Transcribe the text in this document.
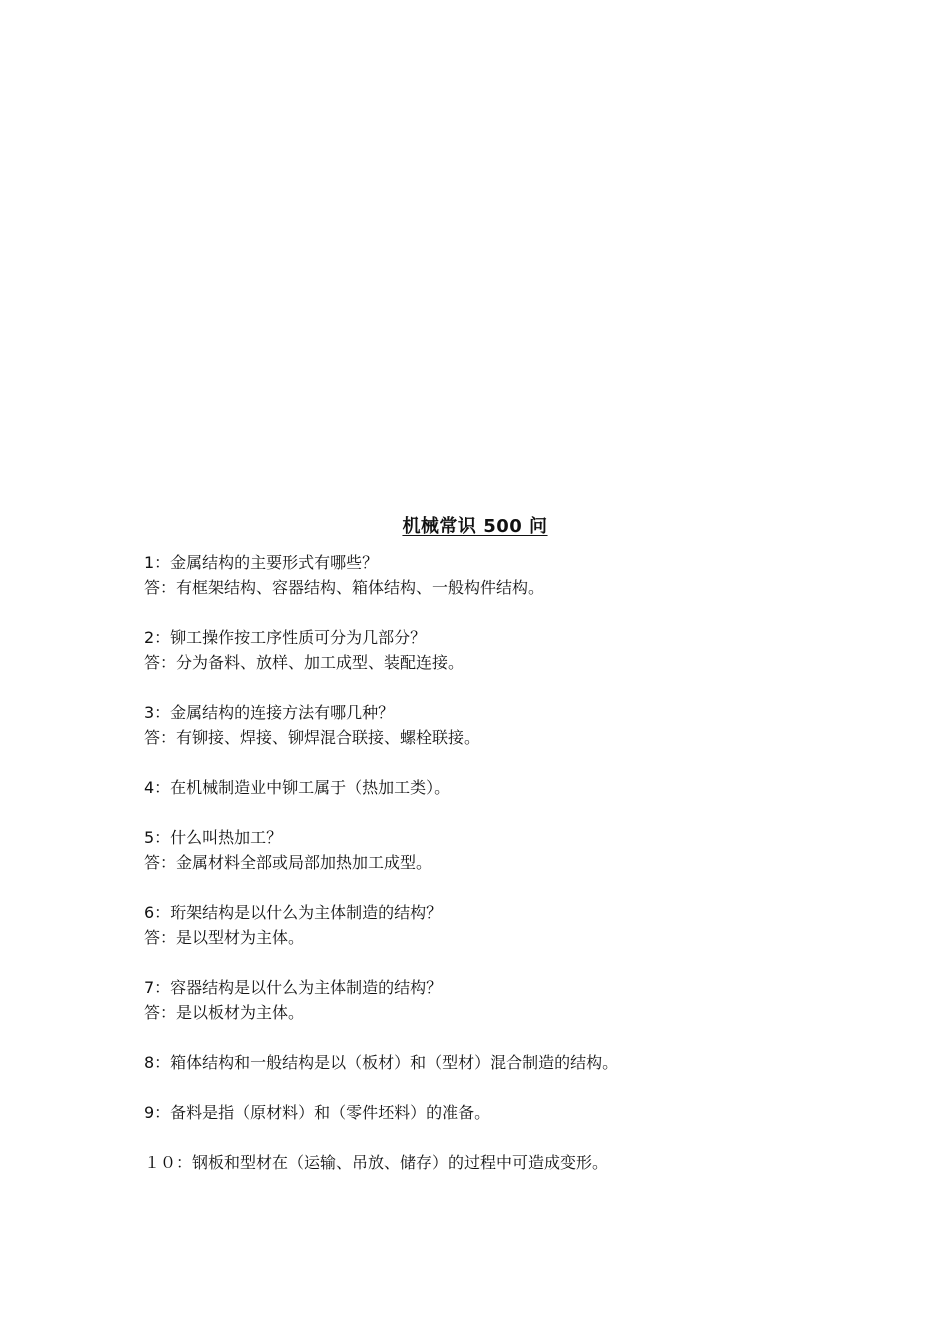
机械常识 500 问
1：金属结构的主要形式有哪些？
答：有框架结构、容器结构、箱体结构、一般构件结构。
2：铆工操作按工序性质可分为几部分？
答：分为备料、放样、加工成型、装配连接。
3：金属结构的连接方法有哪几种？
答：有铆接、焊接、铆焊混合联接、螺栓联接。
4：在机械制造业中铆工属于（热加工类）。
5：什么叫热加工？
答：金属材料全部或局部加热加工成型。
6：珩架结构是以什么为主体制造的结构？
答：是以型材为主体。
7：容器结构是以什么为主体制造的结构？
答：是以板材为主体。
8：箱体结构和一般结构是以（板材）和（型材）混合制造的结构。
9：备料是指（原材料）和（零件坯料）的准备。
１０：钢板和型材在（运输、吊放、储存）的过程中可造成变形。
